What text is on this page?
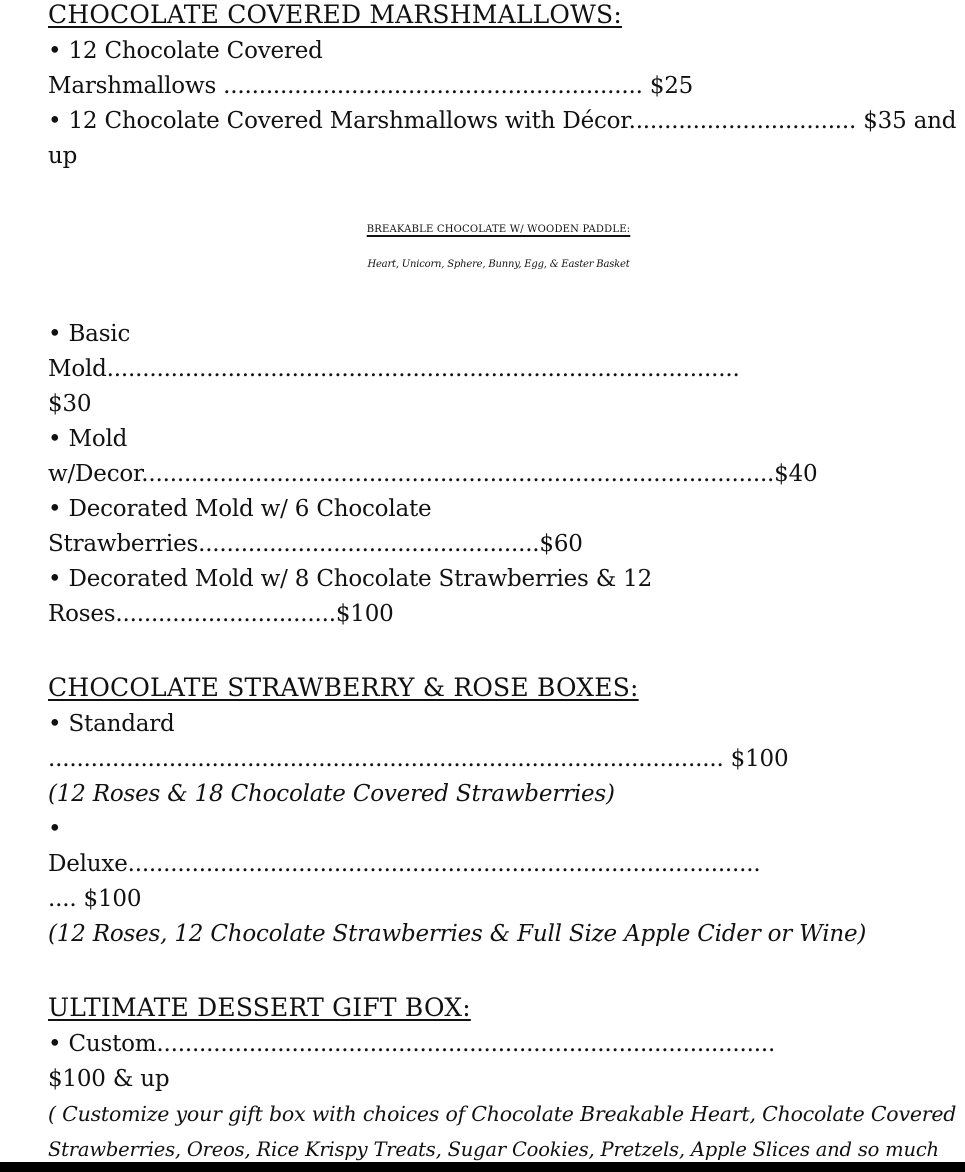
CHOCOLATE COVERED MARSHMALLOWS:
• 12 Chocolate Covered
Marshmallows ........................................................... $25
• 12 Chocolate Covered Marshmallows with Décor................................ $35 and
up
BREAKABLE CHOCOLATE W/ WOODEN PADDLE:
Heart, Unicorn, Sphere, Bunny, Egg, & Easter Basket
• Basic
Mold.........................................................................................
$30
• Mold
w/Decor.........................................................................................$40
• Decorated Mold w/ 6 Chocolate
Strawberries................................................$60
• Decorated Mold w/ 8 Chocolate Strawberries & 12
Roses...............................$100
CHOCOLATE STRAWBERRY & ROSE BOXES:
• Standard
............................................................................................... $100
(12 Roses & 18 Chocolate Covered Strawberries)
•
Deluxe.........................................................................................
.... $100
(12 Roses, 12 Chocolate Strawberries & Full Size Apple Cider or Wine)
ULTIMATE DESSERT GIFT BOX:
• Custom.......................................................................................
$100 & up
( Customize your gift box with choices of Chocolate Breakable Heart, Chocolate Covered
Strawberries, Oreos, Rice Krispy Treats, Sugar Cookies, Pretzels, Apple Slices and so much
